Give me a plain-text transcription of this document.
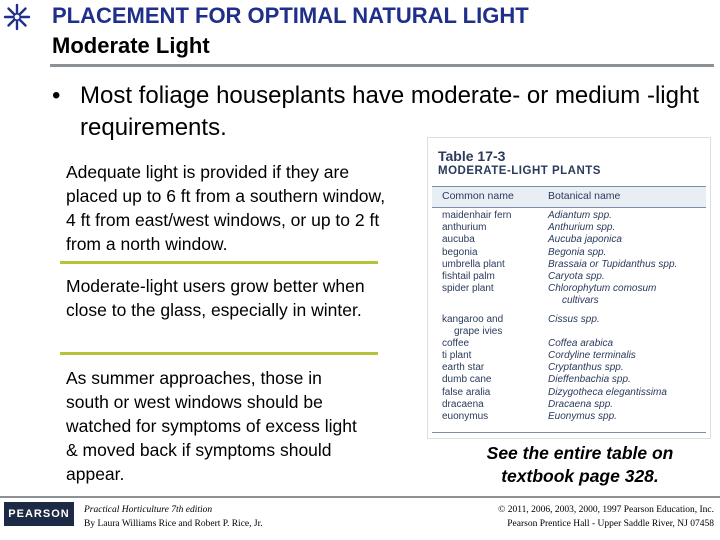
PLACEMENT FOR OPTIMAL NATURAL LIGHT
Moderate Light
• Most foliage houseplants have moderate- or medium -light requirements.
Adequate light is provided if they are placed up to 6 ft from a southern window, 4 ft from east/west windows, or up to 2 ft from a north window.
Moderate-light users grow better when close to the glass, especially in winter.
As summer approaches, those in south or west windows should be watched for symptoms of excess light & moved back if symptoms should appear.
Table 17-3
MODERATE-LIGHT PLANTS
Common name	Botanical name
maidenhair fern	Adiantum spp.
anthurium	Anthurium spp.
aucuba	Aucuba japonica
begonia	Begonia spp.
umbrella plant	Brassaia or Tupidanthus spp.
fishtail palm	Caryota spp.
spider plant	Chlorophytum comosum
cultivars
kangaroo and	Cissus spp.
grape ivies
coffee	Coffea arabica
ti plant	Cordyline terminalis
earth star	Cryptanthus spp.
dumb cane	Dieffenbachia spp.
false aralia	Dizygotheca elegantissima
dracaena	Dracaena spp.
euonymus	Euonymus spp.
See the entire table on textbook page 328.
PEARSON	Practical Horticulture 7th edition
By Laura Williams Rice and Robert P. Rice, Jr.
© 2011, 2006, 2003, 2000, 1997 Pearson Education, Inc.
Pearson Prentice Hall - Upper Saddle River, NJ 07458
